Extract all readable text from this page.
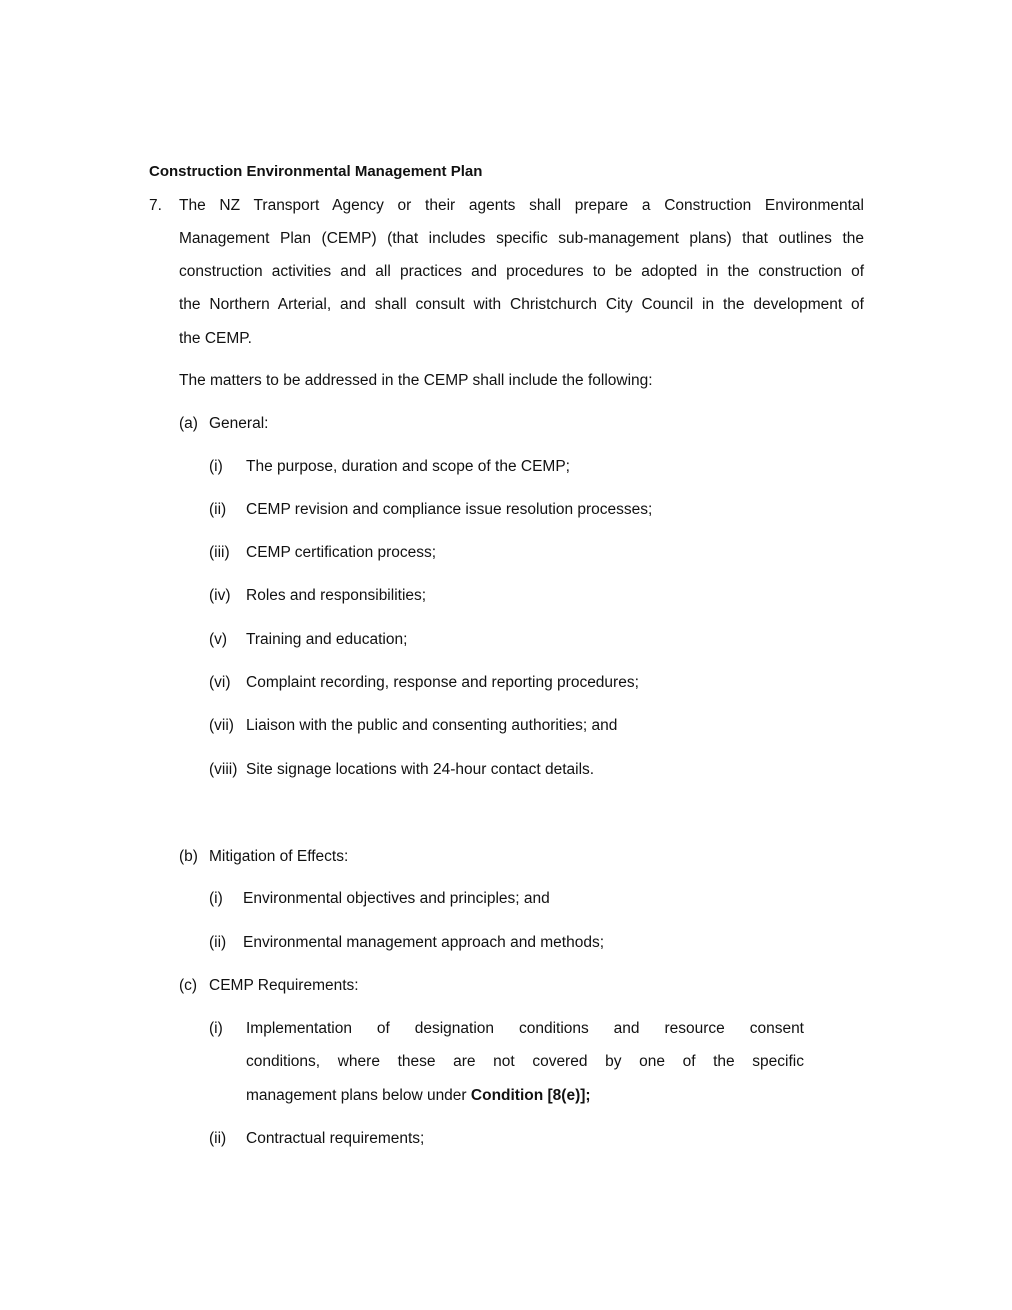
Construction Environmental Management Plan
7. The NZ Transport Agency or their agents shall prepare a Construction Environmental
Management Plan (CEMP) (that includes specific sub-management plans) that outlines the
construction activities and all practices and procedures to be adopted in the construction of
the Northern Arterial, and shall consult with Christchurch City Council in the development of
the CEMP.
The matters to be addressed in the CEMP shall include the following:
(a) General:
(i) The purpose, duration and scope of the CEMP;
(ii) CEMP revision and compliance issue resolution processes;
(iii) CEMP certification process;
(iv) Roles and responsibilities;
(v) Training and education;
(vi) Complaint recording, response and reporting procedures;
(vii) Liaison with the public and consenting authorities; and
(viii) Site signage locations with 24-hour contact details.
(b) Mitigation of Effects:
(i) Environmental objectives and principles; and
(ii) Environmental management approach and methods;
(c) CEMP Requirements:
(i) Implementation of designation conditions and resource consent
conditions, where these are not covered by one of the specific
management plans below under Condition [8(e)];
(ii) Contractual requirements;
